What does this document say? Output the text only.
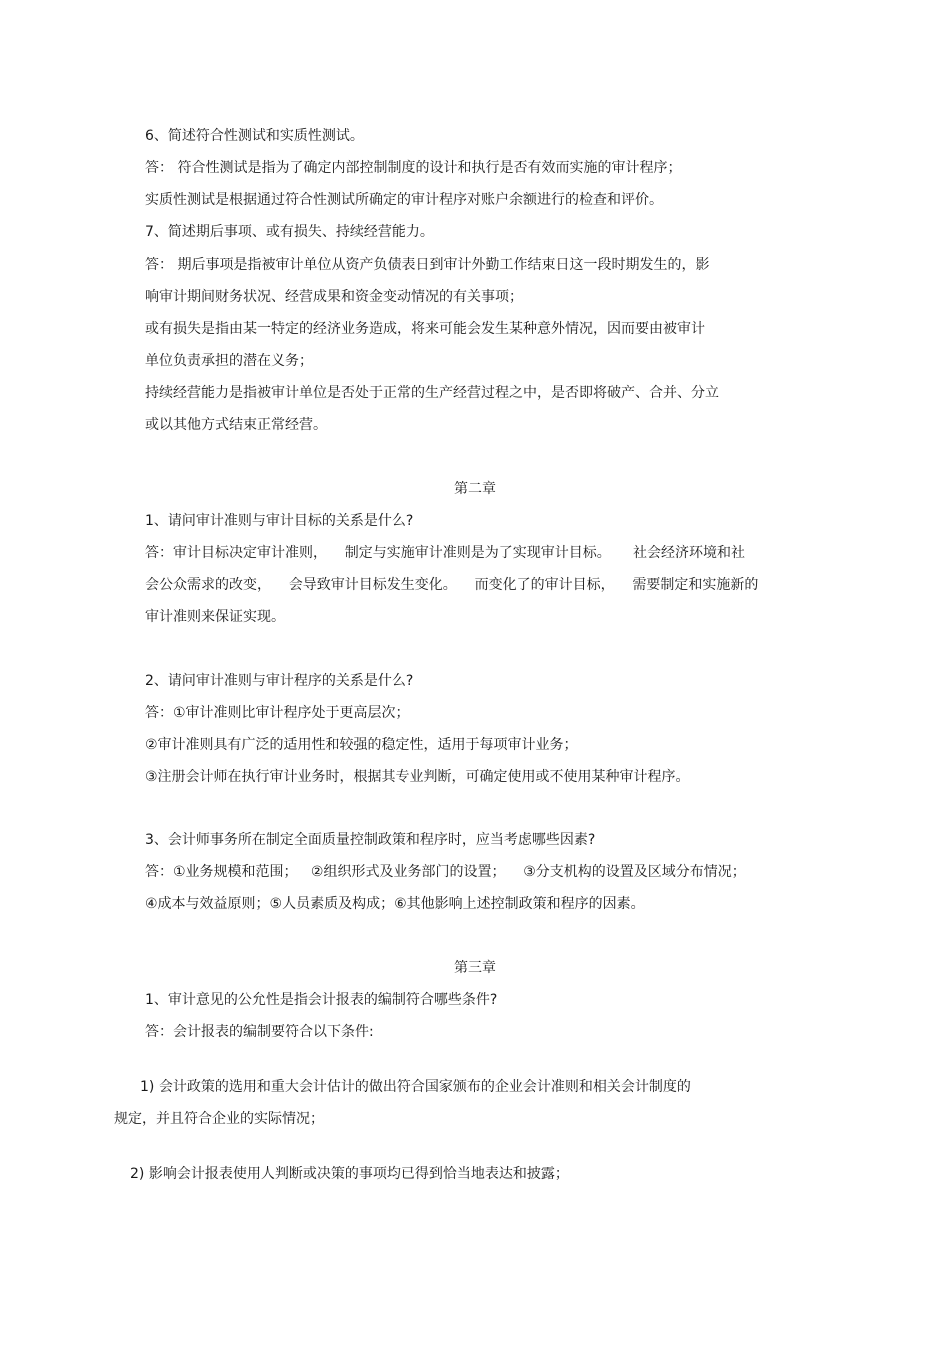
6、简述符合性测试和实质性测试。
答： 符合性测试是指为了确定内部控制制度的设计和执行是否有效而实施的审计程序；
实质性测试是根据通过符合性测试所确定的审计程序对账户余额进行的检查和评价。
7、简述期后事项、或有损失、持续经营能力。
答： 期后事项是指被审计单位从资产负债表日到审计外勤工作结束日这一段时期发生的，影
响审计期间财务状况、经营成果和资金变动情况的有关事项；
或有损失是指由某一特定的经济业务造成，将来可能会发生某种意外情况，因而要由被审计
单位负责承担的潜在义务；
持续经营能力是指被审计单位是否处于正常的生产经营过程之中，是否即将破产、合并、分立
或以其他方式结束正常经营。
第二章
1、请问审计准则与审计目标的关系是什么?
答：审计目标决定审计准则，    制定与实施审计准则是为了实现审计目标。     社会经济环境和社
会公众需求的改变，    会导致审计目标发生变化。    而变化了的审计目标，    需要制定和实施新的
审计准则来保证实现。
2、请问审计准则与审计程序的关系是什么?
答：①审计准则比审计程序处于更高层次；
②审计准则具有广泛的适用性和较强的稳定性，适用于每项审计业务；
③注册会计师在执行审计业务时，根据其专业判断，可确定使用或不使用某种审计程序。
3、会计师事务所在制定全面质量控制政策和程序时，应当考虑哪些因素?
答：①业务规模和范围；   ②组织形式及业务部门的设置；    ③分支机构的设置及区域分布情况；
④成本与效益原则；⑤人员素质及构成；⑥其他影响上述控制政策和程序的因素。
第三章
1、审计意见的公允性是指会计报表的编制符合哪些条件?
答：会计报表的编制要符合以下条件:
1) 会计政策的选用和重大会计估计的做出符合国家颁布的企业会计准则和相关会计制度的
规定，并且符合企业的实际情况；
2) 影响会计报表使用人判断或决策的事项均已得到恰当地表达和披露；
